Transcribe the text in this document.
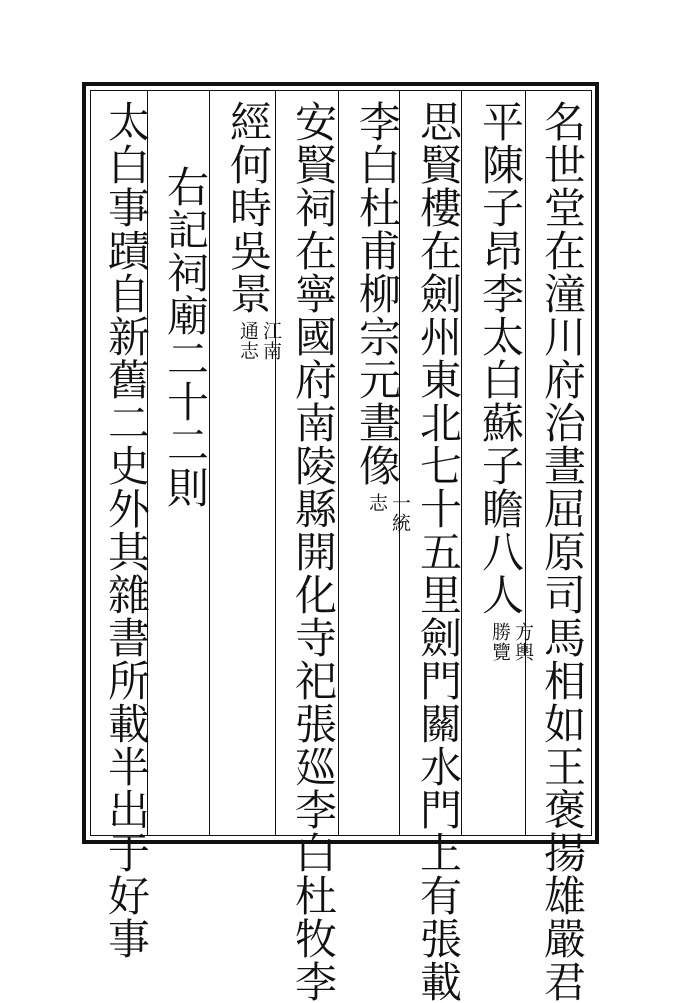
名世堂在潼川府治晝屈原司馬相如王褒揚雄嚴君
平陳子昂李太白蘇子瞻八人方輿勝覽
思賢樓在劍州東北七十五里劍門關水門上有張載
李白杜甫柳宗元晝像一統志
安賢祠在寧國府南陵縣開化寺祀張廵李白杜牧李
經何時吳景江南通志
右記祠廟二十二則
太白事蹟自新舊二史外其雜書所載半出于好事
